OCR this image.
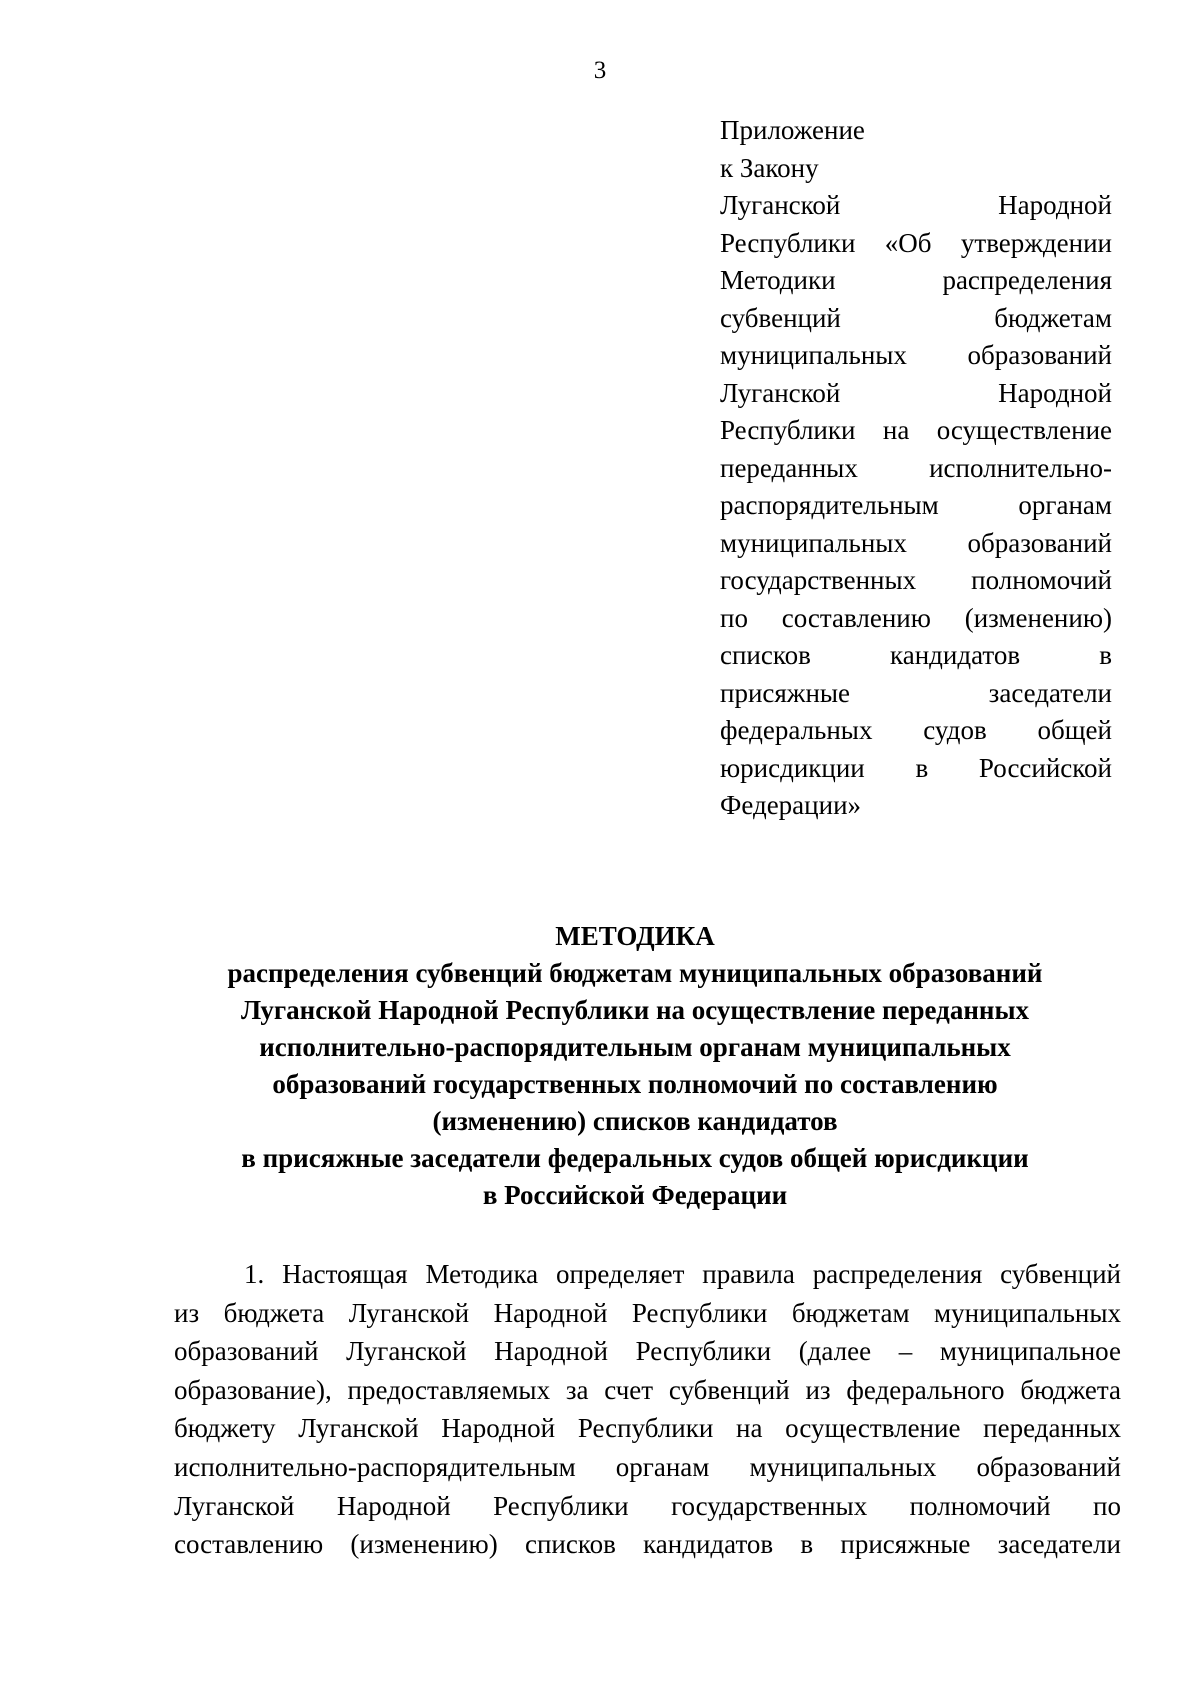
3
Приложение
к Закону
Луганской	Народной
Республики «Об утверждении
Методики	распределения
субвенций	бюджетам
муниципальных образований
Луганской	Народной
Республики на осуществление
переданных	исполнительно-
распорядительным	органам
муниципальных образований
государственных полномочий
по составлению (изменению)
списков	кандидатов	в
присяжные	заседатели
федеральных судов общей
юрисдикции в Российской
Федерации»
МЕТОДИКА
распределения субвенций бюджетам муниципальных образований
Луганской Народной Республики на осуществление переданных
исполнительно-распорядительным органам муниципальных
образований государственных полномочий по составлению
(изменению) списков кандидатов
в присяжные заседатели федеральных судов общей юрисдикции
в Российской Федерации
1. Настоящая Методика определяет правила распределения субвенций
из бюджета Луганской Народной Республики бюджетам муниципальных
образований Луганской Народной Республики (далее – муниципальное
образование), предоставляемых за счет субвенций из федерального бюджета
бюджету Луганской Народной Республики на осуществление переданных
исполнительно-распорядительным органам муниципальных образований
Луганской Народной Республики государственных полномочий по
составлению (изменению) списков кандидатов в присяжные заседатели
